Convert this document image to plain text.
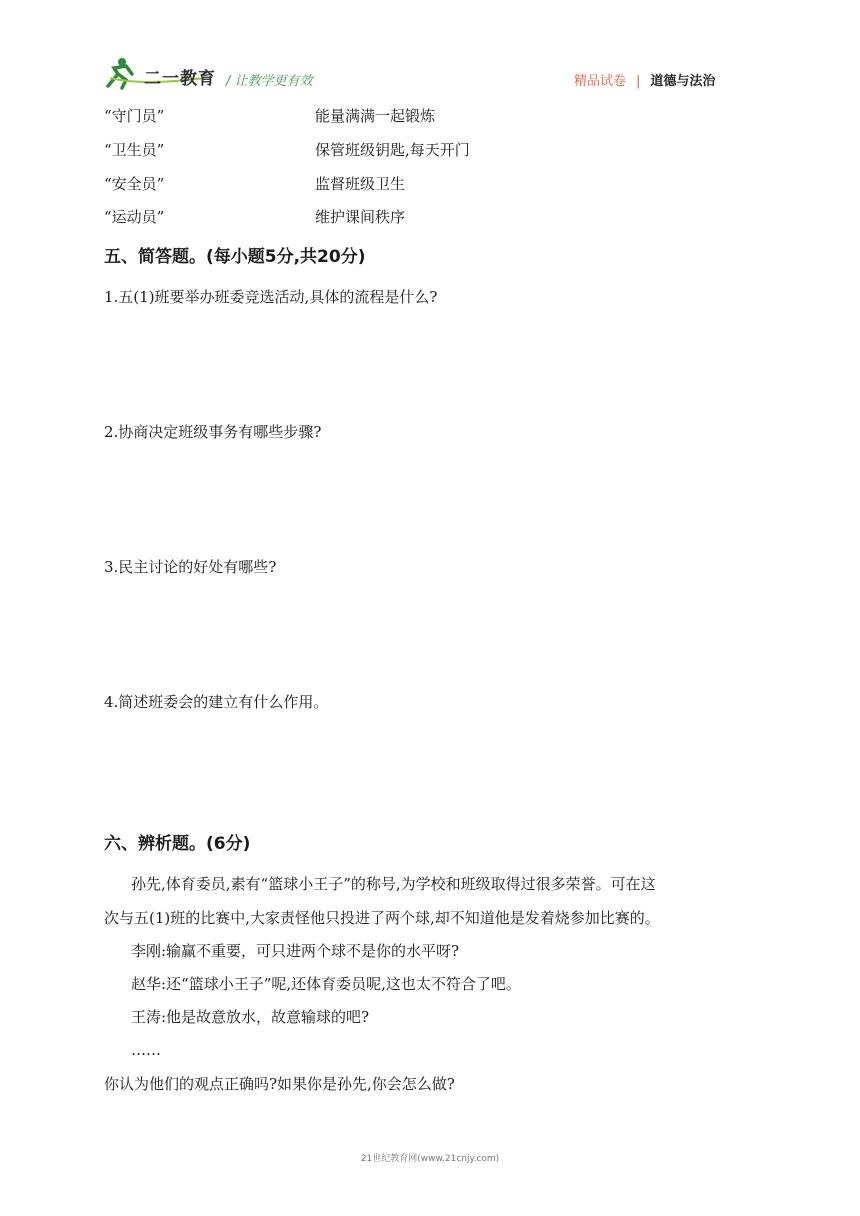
二一教育 / 让教学更有效	精品试卷 | 道德与法治
“守门员”	能量满满一起锻炼
“卫生员”	保管班级钥匙,每天开门
“安全员”	监督班级卫生
“运动员”	维护课间秩序
五、简答题。(每小题5分,共20分)
1.五(1)班要举办班委竞选活动,具体的流程是什么?
2.协商决定班级事务有哪些步骤?
3.民主讨论的好处有哪些?
4.简述班委会的建立有什么作用。
六、辨析题。(6分)
孙先,体育委员,素有“篮球小王子”的称号,为学校和班级取得过很多荣誉。可在这
次与五(1)班的比赛中,大家责怪他只投进了两个球,却不知道他是发着烧参加比赛的。
李刚:输赢不重要，可只进两个球不是你的水平呀?
赵华:还“篮球小王子”呢,还体育委员呢,这也太不符合了吧。
王涛:他是故意放水，故意输球的吧?
……
你认为他们的观点正确吗?如果你是孙先,你会怎么做?
21世纪教育网(www.21cnjy.com)
